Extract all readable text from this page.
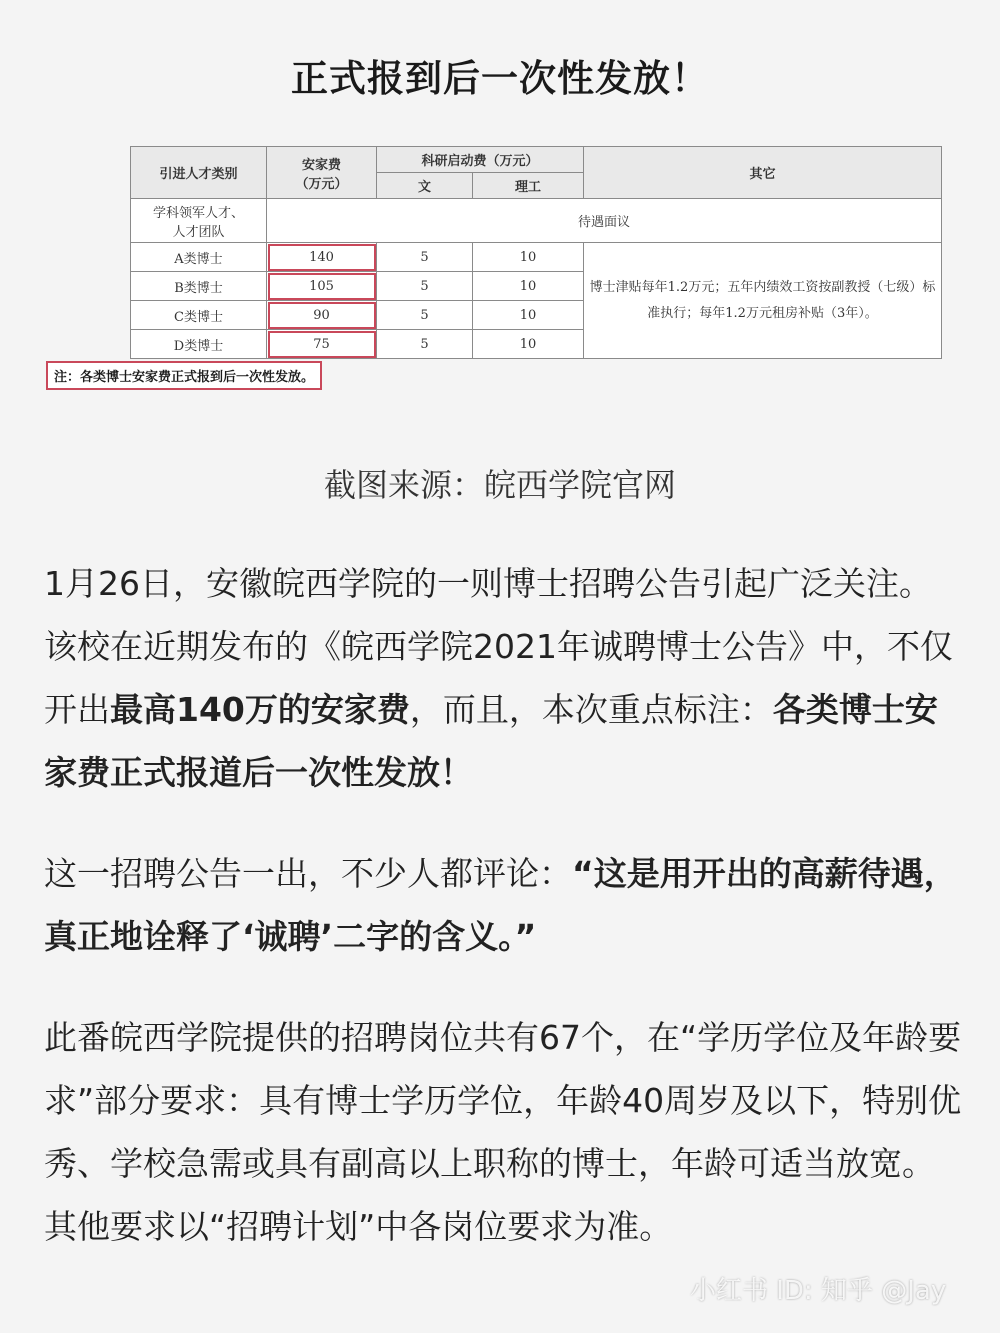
正式报到后一次性发放！
引进人才类别	安家费
（万元）	科研启动费（万元）		其它
		文	理工	

学科领军人才、
人才团队	待遇面议			
A类博士	140	5	10	博士津贴每年1.2万元；五年内绩效工资按副教授（七级）标准执行；每年1.2万元租房补贴（3年）。
B类博士	105	5	10	
C类博士	90	5	10	
D类博士	75	5	10	
注：各类博士安家费正式报到后一次性发放。
截图来源：皖西学院官网
1月26日，安徽皖西学院的一则博士招聘公告引起广泛关注。该校在近期发布的《皖西学院2021年诚聘博士公告》中，不仅开出最高140万的安家费，而且，本次重点标注：各类博士安家费正式报道后一次性发放！
这一招聘公告一出，不少人都评论：“这是用开出的高薪待遇，真正地诠释了‘诚聘’二字的含义。”
此番皖西学院提供的招聘岗位共有67个，在“学历学位及年龄要求”部分要求：具有博士学历学位，年龄40周岁及以下，特别优秀、学校急需或具有副高以上职称的博士，年龄可适当放宽。其他要求以“招聘计划”中各岗位要求为准。
小红书 ID: 知乎 @Jay
